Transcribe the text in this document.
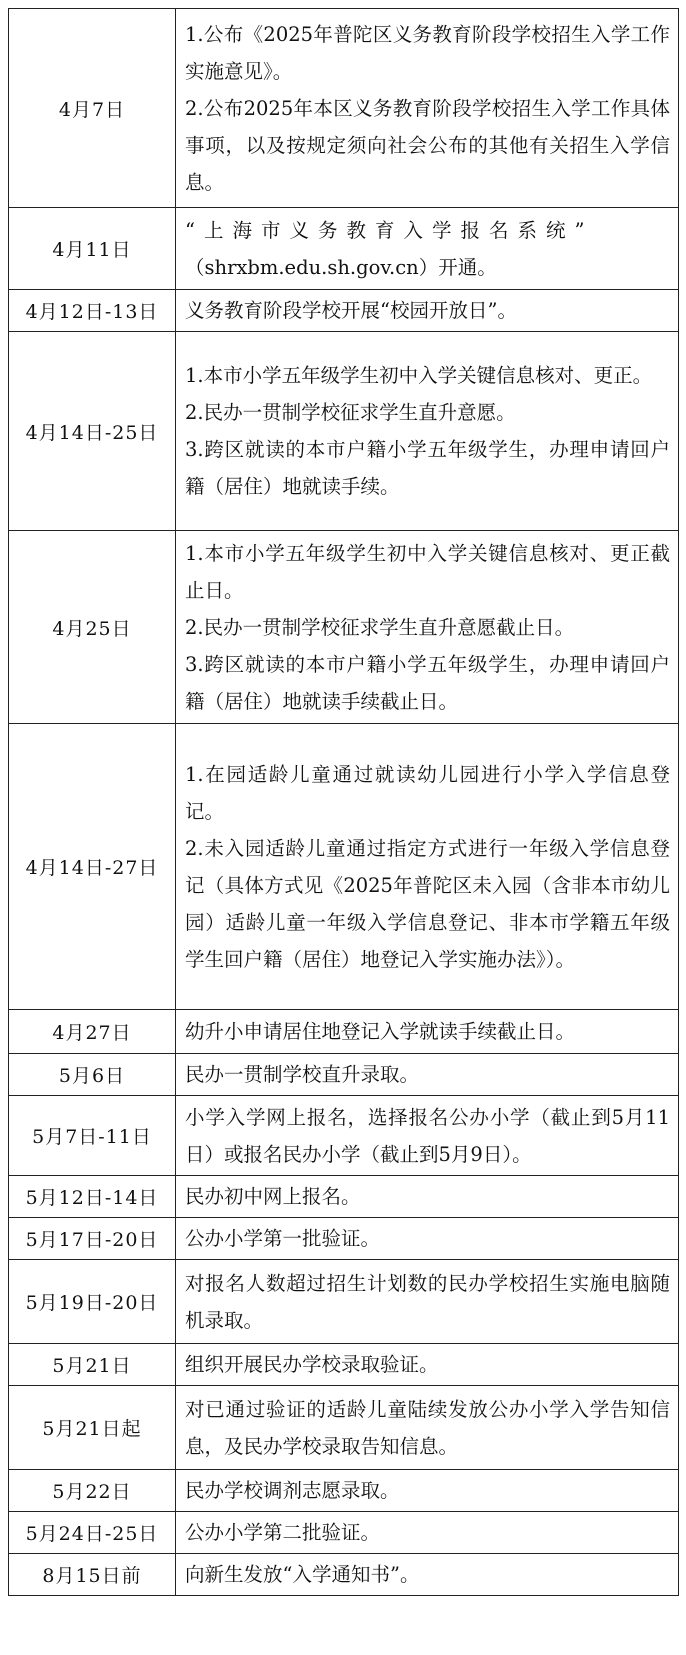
4月7日	1.公布《2025年普陀区义务教育阶段学校招生入学工作实施意见》。
2.公布2025年本区义务教育阶段学校招生入学工作具体事项，以及按规定须向社会公布的其他有关招生入学信息。

4月11日	“上海市义务教育入学报名系统”
（shrxbm.edu.sh.gov.cn）开通。

4月12日-13日	义务教育阶段学校开展“校园开放日”。

4月14日-25日	1.本市小学五年级学生初中入学关键信息核对、更正。
2.民办一贯制学校征求学生直升意愿。
3.跨区就读的本市户籍小学五年级学生，办理申请回户籍（居住）地就读手续。

4月25日	1.本市小学五年级学生初中入学关键信息核对、更正截止日。
2.民办一贯制学校征求学生直升意愿截止日。
3.跨区就读的本市户籍小学五年级学生，办理申请回户籍（居住）地就读手续截止日。

4月14日-27日	1.在园适龄儿童通过就读幼儿园进行小学入学信息登记。
2.未入园适龄儿童通过指定方式进行一年级入学信息登记（具体方式见《2025年普陀区未入园（含非本市幼儿园）适龄儿童一年级入学信息登记、非本市学籍五年级学生回户籍（居住）地登记入学实施办法》）。

4月27日	幼升小申请居住地登记入学就读手续截止日。

5月6日	民办一贯制学校直升录取。

5月7日-11日	小学入学网上报名，选择报名公办小学（截止到5月11日）或报名民办小学（截止到5月9日）。

5月12日-14日	民办初中网上报名。

5月17日-20日	公办小学第一批验证。

5月19日-20日	对报名人数超过招生计划数的民办学校招生实施电脑随机录取。

5月21日	组织开展民办学校录取验证。

5月21日起	对已通过验证的适龄儿童陆续发放公办小学入学告知信息，及民办学校录取告知信息。

5月22日	民办学校调剂志愿录取。

5月24日-25日	公办小学第二批验证。

8月15日前	向新生发放“入学通知书”。
